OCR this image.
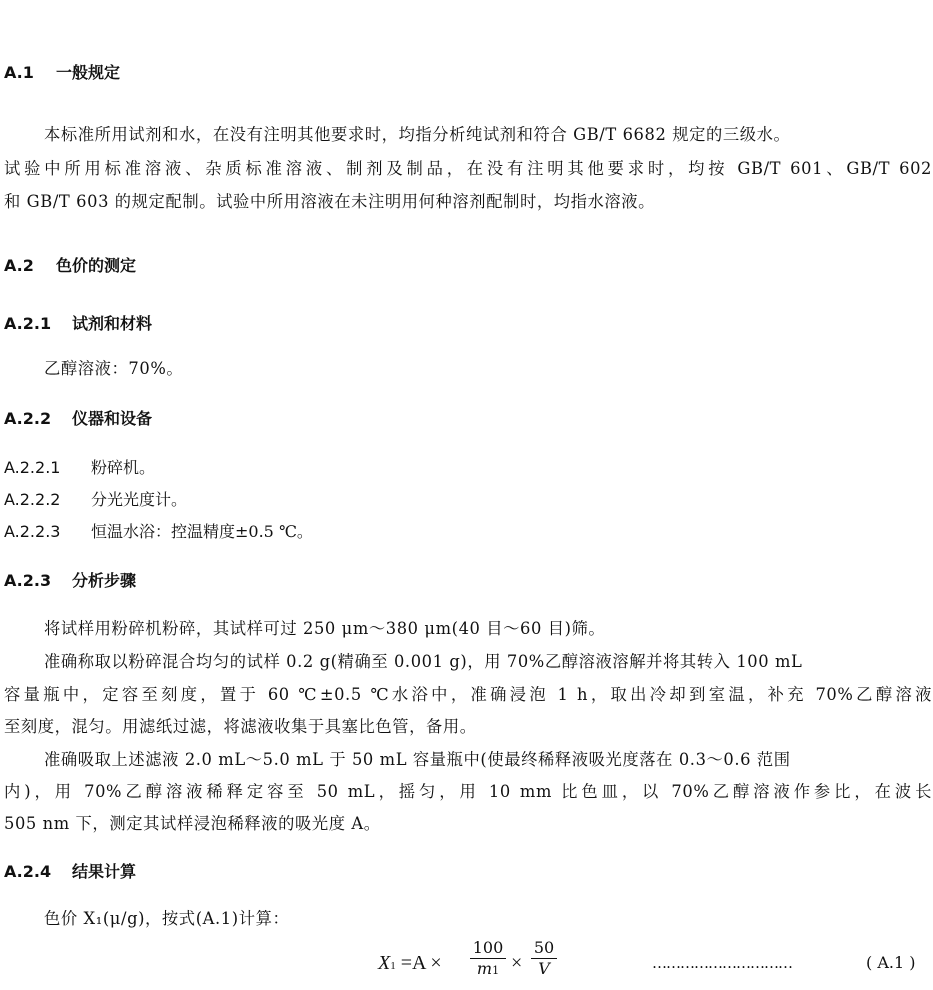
A.1 一般规定
本标准所用试剂和水，在没有注明其他要求时，均指分析纯试剂和符合 GB/T 6682 规定的三级水。
试验中所用标准溶液、杂质标准溶液、制剂及制品，在没有注明其他要求时，均按 GB/T 601、GB/T 602
和 GB/T 603 的规定配制。试验中所用溶液在未注明用何种溶剂配制时，均指水溶液。
A.2 色价的测定
A.2.1 试剂和材料
乙醇溶液：70%。
A.2.2 仪器和设备
A.2.2.1 粉碎机。
A.2.2.2 分光光度计。
A.2.2.3 恒温水浴：控温精度±0.5 ℃。
A.2.3 分析步骤
将试样用粉碎机粉碎，其试样可过 250 μm～380 μm(40 目～60 目)筛。
准确称取以粉碎混合均匀的试样 0.2 g(精确至 0.001 g)，用 70%乙醇溶液溶解并将其转入 100 mL
容量瓶中，定容至刻度，置于 60 ℃±0.5 ℃水浴中，准确浸泡 1 h，取出冷却到室温，补充 70%乙醇溶液
至刻度，混匀。用滤纸过滤，将滤液收集于具塞比色管，备用。
准确吸取上述滤液 2.0 mL～5.0 mL 于 50 mL 容量瓶中(使最终稀释液吸光度落在 0.3～0.6 范围
内)，用 70%乙醇溶液稀释定容至 50 mL，摇匀，用 10 mm 比色皿，以 70%乙醇溶液作参比，在波长
505 nm 下，测定其试样浸泡稀释液的吸光度 A。
A.2.4 结果计算
色价 X₁(μ/g)，按式(A.1)计算：
X1 =A ×
100
m1 ×
50
V	…………………………	( A.1 )
